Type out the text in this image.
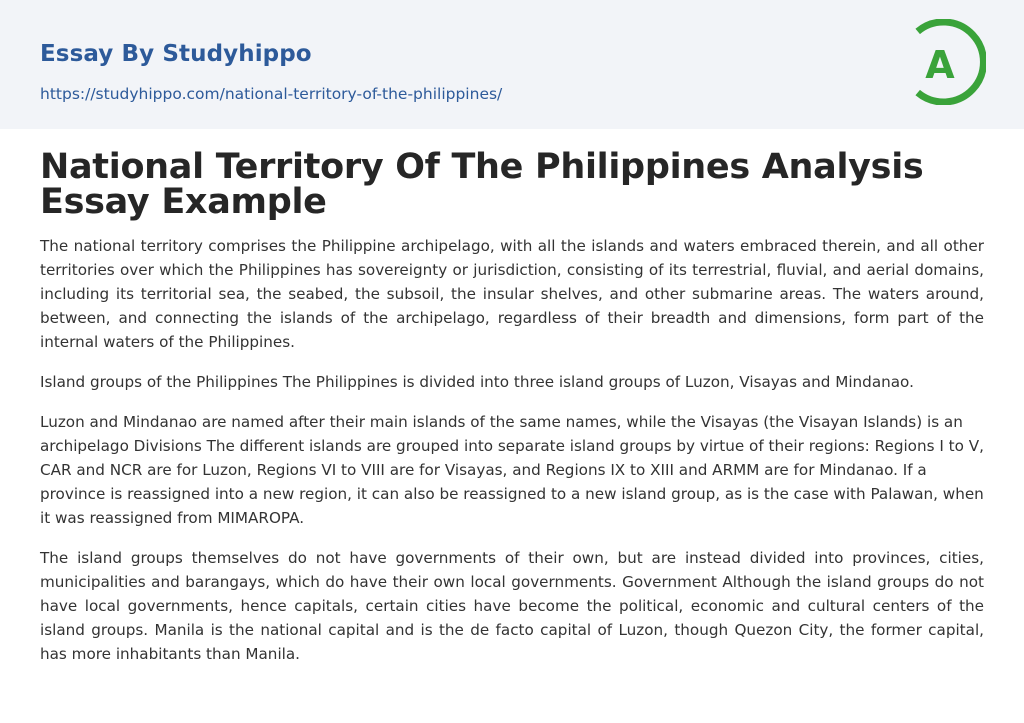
Essay By Studyhippo
https://studyhippo.com/national-territory-of-the-philippines/
A
National Territory Of The Philippines Analysis
Essay Example

The national territory comprises the Philippine archipelago, with all the islands and waters embraced therein, and all other territories over which the Philippines has sovereignty or jurisdiction, consisting of its terrestrial, fluvial, and aerial domains, including its territorial sea, the seabed, the subsoil, the insular shelves, and other submarine areas. The waters around, between, and connecting the islands of the archipelago, regardless of their breadth and dimensions, form part of the internal waters of the Philippines.

Island groups of the Philippines The Philippines is divided into three island groups of Luzon, Visayas and Mindanao.

Luzon and Mindanao are named after their main islands of the same names, while the Visayas (the Visayan Islands) is an archipelago Divisions The different islands are grouped into separate island groups by virtue of their regions: Regions I to V, CAR and NCR are for Luzon, Regions VI to VIII are for Visayas, and Regions IX to XIII and ARMM are for Mindanao. If a province is reassigned into a new region, it can also be reassigned to a new island group, as is the case with Palawan, when it was reassigned from MIMAROPA.

The island groups themselves do not have governments of their own, but are instead divided into provinces, cities, municipalities and barangays, which do have their own local governments. Government Although the island groups do not have local governments, hence capitals, certain cities have become the political, economic and cultural centers of the island groups. Manila is the national capital and is the de facto capital of Luzon, though Quezon City, the former capital, has more inhabitants than Manila.
